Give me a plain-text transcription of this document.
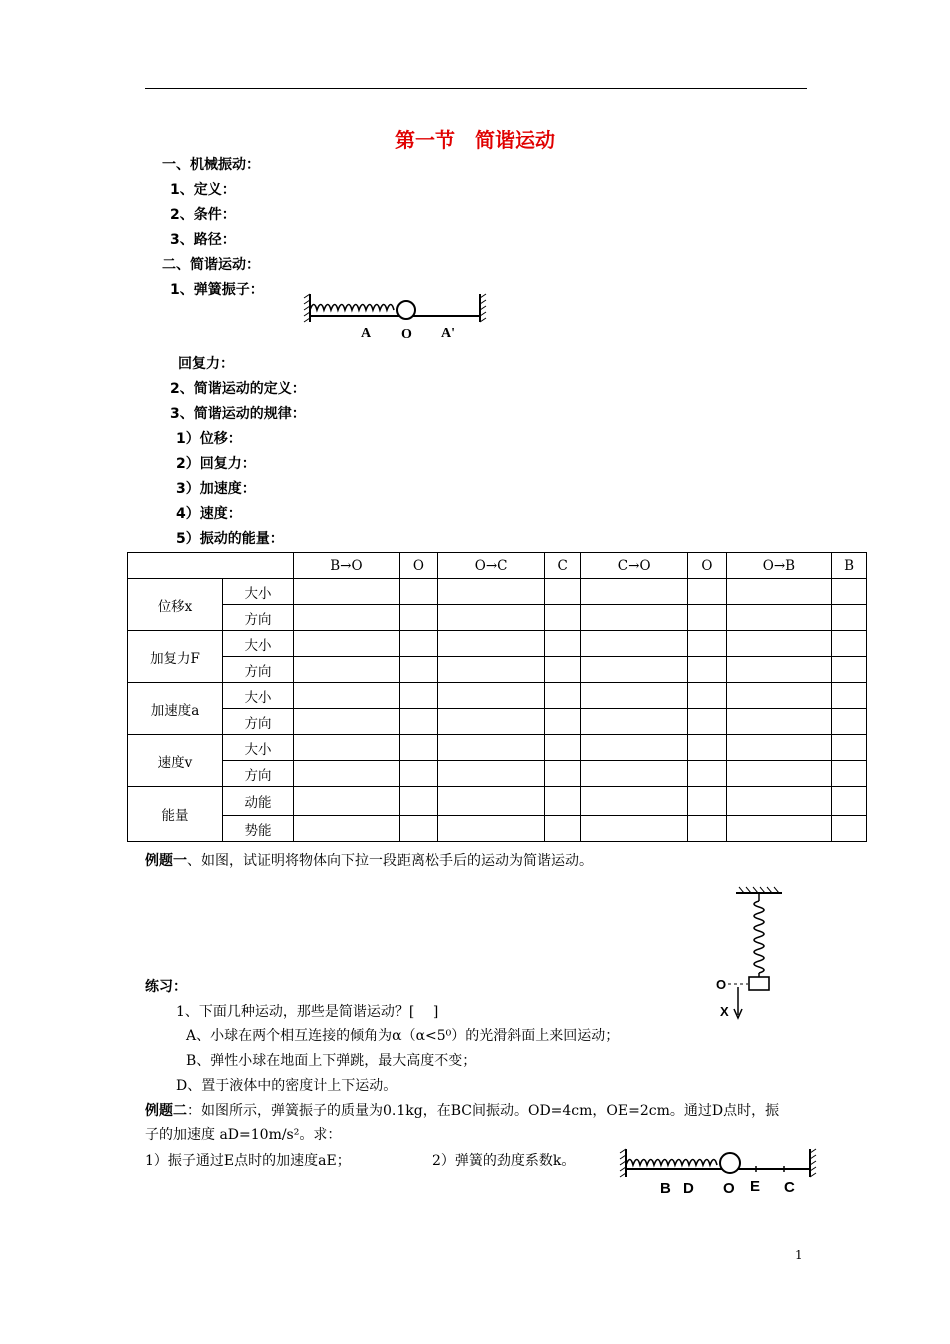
第一节　简谐运动
一、机械振动：
1、定义：
2、条件：
3、路径：
二、简谐运动：
1、弹簧振子：
A O A'
回复力：
2、简谐运动的定义：
3、简谐运动的规律：
1）位移：
2）回复力：
3）加速度：
4）速度：
5）振动的能量：
		B→O	O	O→C	C	C→O	O	O→B	B
位移x	大小								
	方向								
加复力F	大小								
	方向								
加速度a	大小								
	方向								
速度v	大小								
	方向								
能量	动能								
	势能								
例题一、如图，试证明将物体向下拉一段距离松手后的运动为简谐运动。
O
X
练习：
1、下面几种运动，那些是简谐运动？[　 ]
A、小球在两个相互连接的倾角为α（α<5⁰）的光滑斜面上来回运动；
B、弹性小球在地面上下弹跳，最大高度不变；
D、置于液体中的密度计上下运动。
例题二：如图所示，弹簧振子的质量为0.1kg，在BC间振动。OD=4cm，OE=2cm。通过D点时，振
子的加速度 aD=10m/s²。求：
1）振子通过E点时的加速度aE；	2）弹簧的劲度系数k。
B D O E C
1
